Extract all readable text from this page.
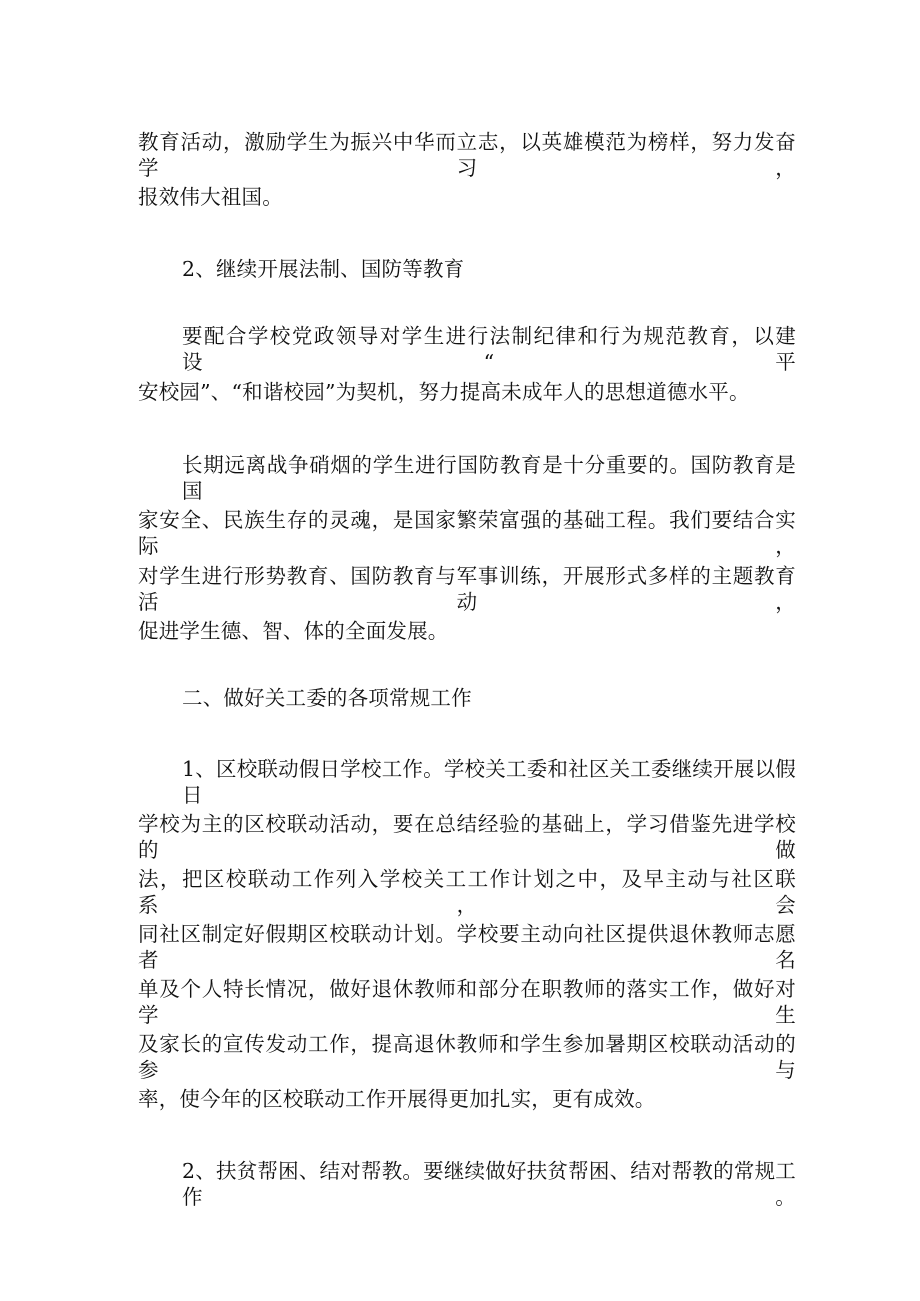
教育活动，激励学生为振兴中华而立志，以英雄模范为榜样，努力发奋学习，
报效伟大祖国。
2、继续开展法制、国防等教育
要配合学校党政领导对学生进行法制纪律和行为规范教育，以建设“平
安校园”、“和谐校园”为契机，努力提高未成年人的思想道德水平。
长期远离战争硝烟的学生进行国防教育是十分重要的。国防教育是国
家安全、民族生存的灵魂，是国家繁荣富强的基础工程。我们要结合实际，
对学生进行形势教育、国防教育与军事训练，开展形式多样的主题教育活动，
促进学生德、智、体的全面发展。
二、做好关工委的各项常规工作
1、区校联动假日学校工作。学校关工委和社区关工委继续开展以假日
学校为主的区校联动活动，要在总结经验的基础上，学习借鉴先进学校的做
法，把区校联动工作列入学校关工工作计划之中，及早主动与社区联系，会
同社区制定好假期区校联动计划。学校要主动向社区提供退休教师志愿者名
单及个人特长情况，做好退休教师和部分在职教师的落实工作，做好对学生
及家长的宣传发动工作，提高退休教师和学生参加暑期区校联动活动的参与
率，使今年的区校联动工作开展得更加扎实，更有成效。
2、扶贫帮困、结对帮教。要继续做好扶贫帮困、结对帮教的常规工作。
